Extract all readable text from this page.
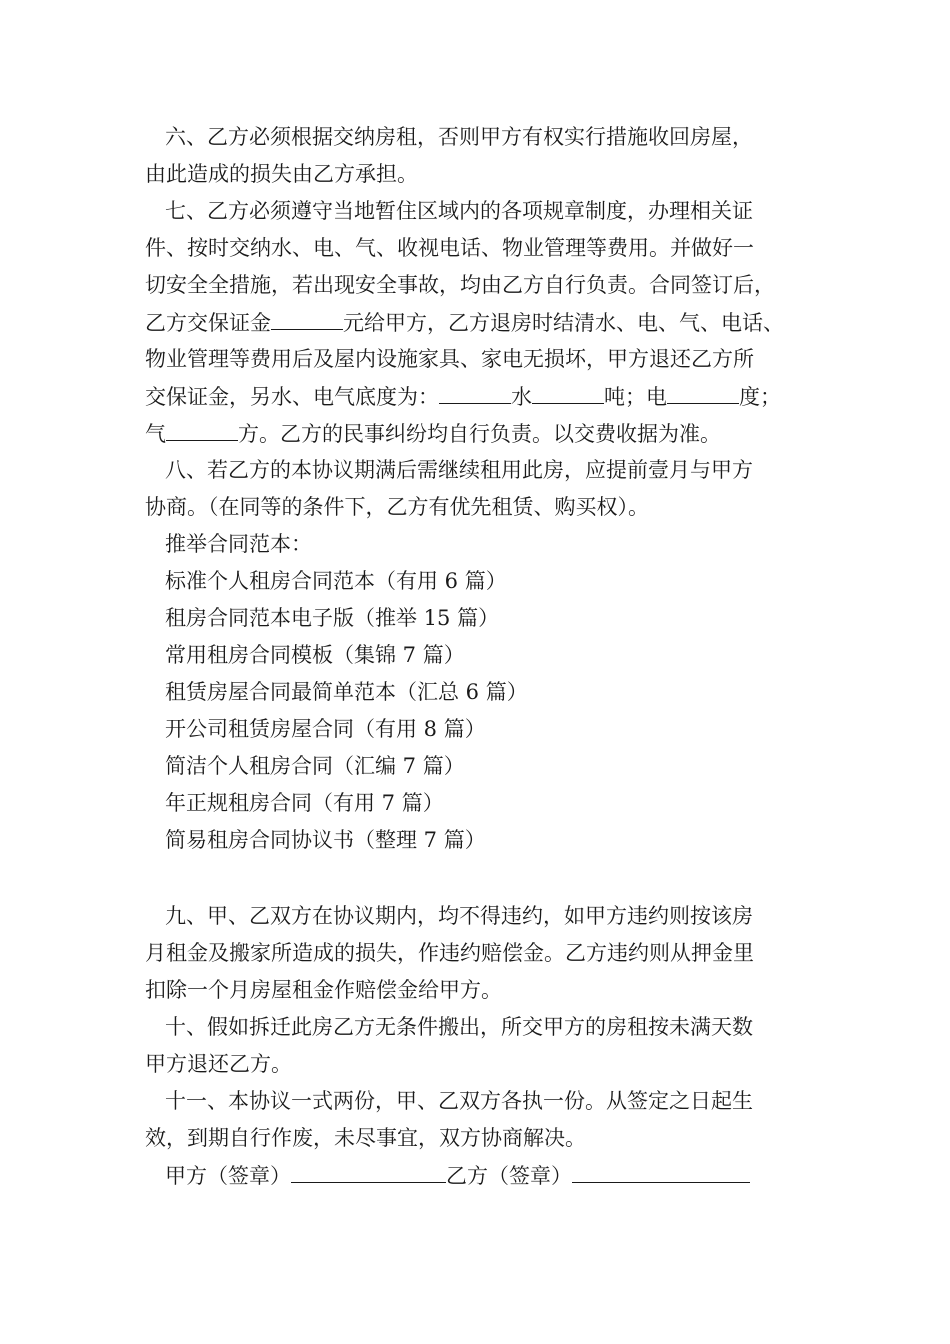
六、乙方必须根据交纳房租，否则甲方有权实行措施收回房屋，
由此造成的损失由乙方承担。
七、乙方必须遵守当地暂住区域内的各项规章制度，办理相关证
件、按时交纳水、电、气、收视电话、物业管理等费用。并做好一
切安全全措施，若出现安全事故，均由乙方自行负责。合同签订后，
乙方交保证金	元给甲方，乙方退房时结清水、电、气、电话、
物业管理等费用后及屋内设施家具、家电无损坏，甲方退还乙方所
交保证金，另水、电气底度为：	水	吨；电	度；
气	方。乙方的民事纠纷均自行负责。以交费收据为准。
八、若乙方的本协议期满后需继续租用此房，应提前壹月与甲方
协商。（在同等的条件下，乙方有优先租赁、购买权）。
推举合同范本：
标准个人租房合同范本（有用 6 篇）
租房合同范本电子版（推举 15 篇）
常用租房合同模板（集锦 7 篇）
租赁房屋合同最简单范本（汇总 6 篇）
开公司租赁房屋合同（有用 8 篇）
简洁个人租房合同（汇编 7 篇）
年正规租房合同（有用 7 篇）
简易租房合同协议书（整理 7 篇）
九、甲、乙双方在协议期内，均不得违约，如甲方违约则按该房
月租金及搬家所造成的损失，作违约赔偿金。乙方违约则从押金里
扣除一个月房屋租金作赔偿金给甲方。
十、假如拆迁此房乙方无条件搬出，所交甲方的房租按未满天数
甲方退还乙方。
十一、本协议一式两份，甲、乙双方各执一份。从签定之日起生
效，到期自行作废，未尽事宜，双方协商解决。
甲方（签章）	乙方（签章）
